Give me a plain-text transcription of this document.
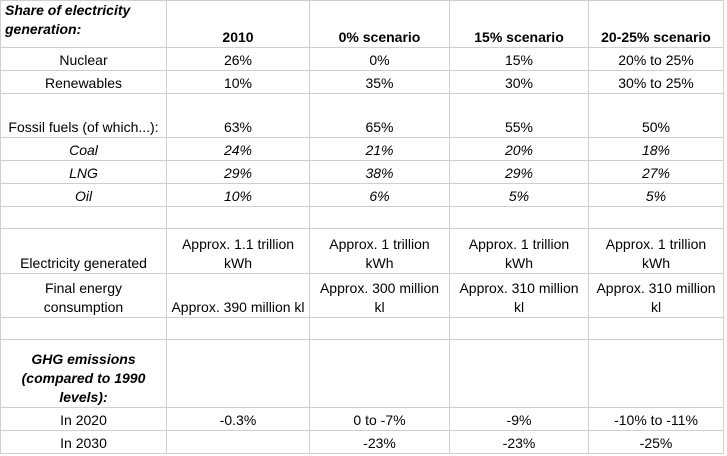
Share of electricity generation:	2010	0% scenario	15% scenario	20-25% scenario
Nuclear	26%	0%	15%	20% to 25%
Renewables	10%	35%	30%	30% to 25%
Fossil fuels (of which...):	63%	65%	55%	50%
Coal	24%	21%	20%	18%
LNG	29%	38%	29%	27%
Oil	10%	6%	5%	5%

Electricity generated	Approx. 1.1 trillion kWh	Approx. 1 trillion kWh	Approx. 1 trillion kWh	Approx. 1 trillion kWh
Final energy consumption	Approx. 390 million kl	Approx. 300 million kl	Approx. 310 million kl	Approx. 310 million kl

GHG emissions (compared to 1990 levels):				
In 2020	-0.3%	0 to -7%	-9%	-10% to -11%
In 2030		-23%	-23%	-25%
